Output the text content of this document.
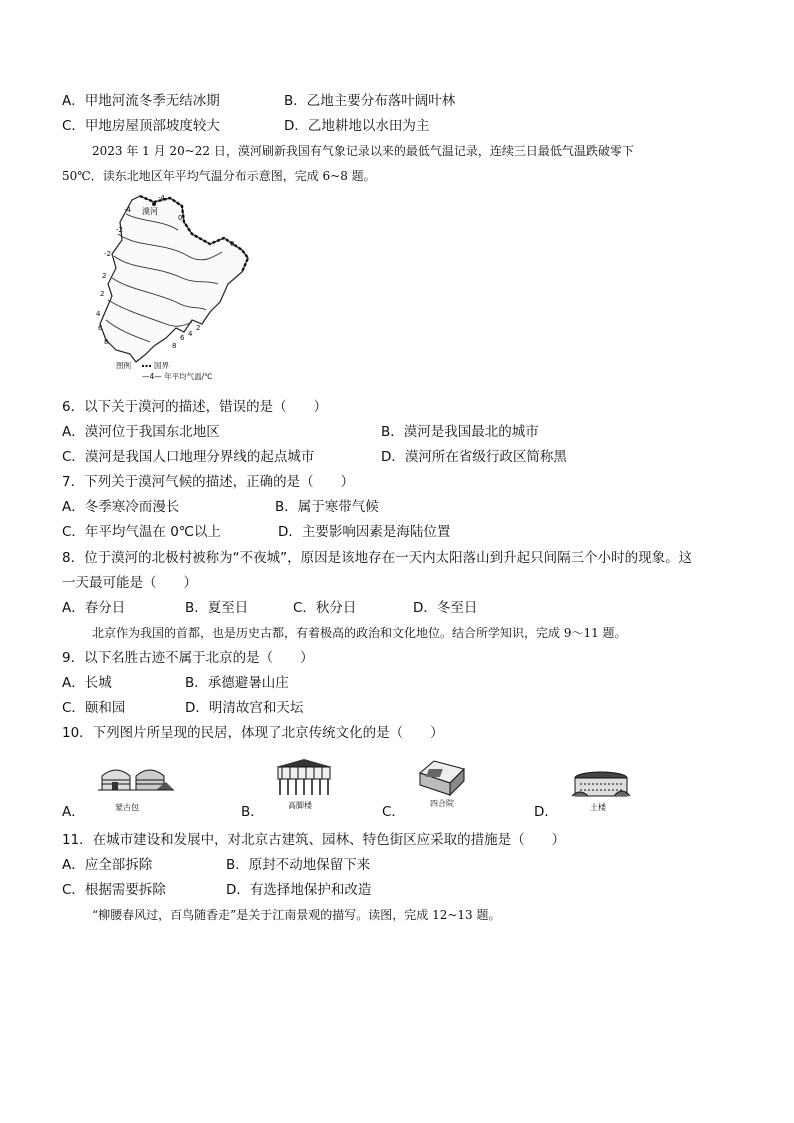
A．甲地河流冬季无结冰期	B．乙地主要分布落叶阔叶林
C．甲地房屋顶部坡度较大	D．乙地耕地以水田为主
2023 年 1 月 20~22 日，漠河刷新我国有气象记录以来的最低气温记录，连续三日最低气温跌破零下
50℃．读东北地区年平均气温分布示意图，完成 6~8 题。
漠河
-4
-4
-2
0
-2
0
2
2
4
6
8
2
4
6
8
图例	国界
—4— 年平均气温/℃
6．以下关于漠河的描述，错误的是（　　）
A．漠河位于我国东北地区	B．漠河是我国最北的城市
C．漠河是我国人口地理分界线的起点城市	D．漠河所在省级行政区简称黑
7．下列关于漠河气候的描述，正确的是（　　）
A．冬季寒冷而漫长	B．属于寒带气候
C．年平均气温在 0℃以上	D．主要影响因素是海陆位置
8．位于漠河的北极村被称为“不夜城”，原因是该地存在一天内太阳落山到升起只间隔三个小时的现象。这
一天最可能是（　　）
A．春分日	B．夏至日	C．秋分日	D．冬至日
北京作为我国的首都，也是历史古都，有着极高的政治和文化地位。结合所学知识，完成 9～11 题。
9．以下名胜古迹不属于北京的是（　　）
A．长城	B．承德避暑山庄
C．颐和园	D．明清故宫和天坛
10．下列图片所呈现的民居，体现了北京传统文化的是（　　）
A．	蒙古包	B．	高脚楼	C．
四合院
D．	土楼
11．在城市建设和发展中，对北京古建筑、园林、特色街区应采取的措施是（　　）
A．应全部拆除	B．原封不动地保留下来
C．根据需要拆除	D．有选择地保护和改造
“柳腰春风过，百鸟随香走”是关于江南景观的描写。读图，完成 12~13 题。
